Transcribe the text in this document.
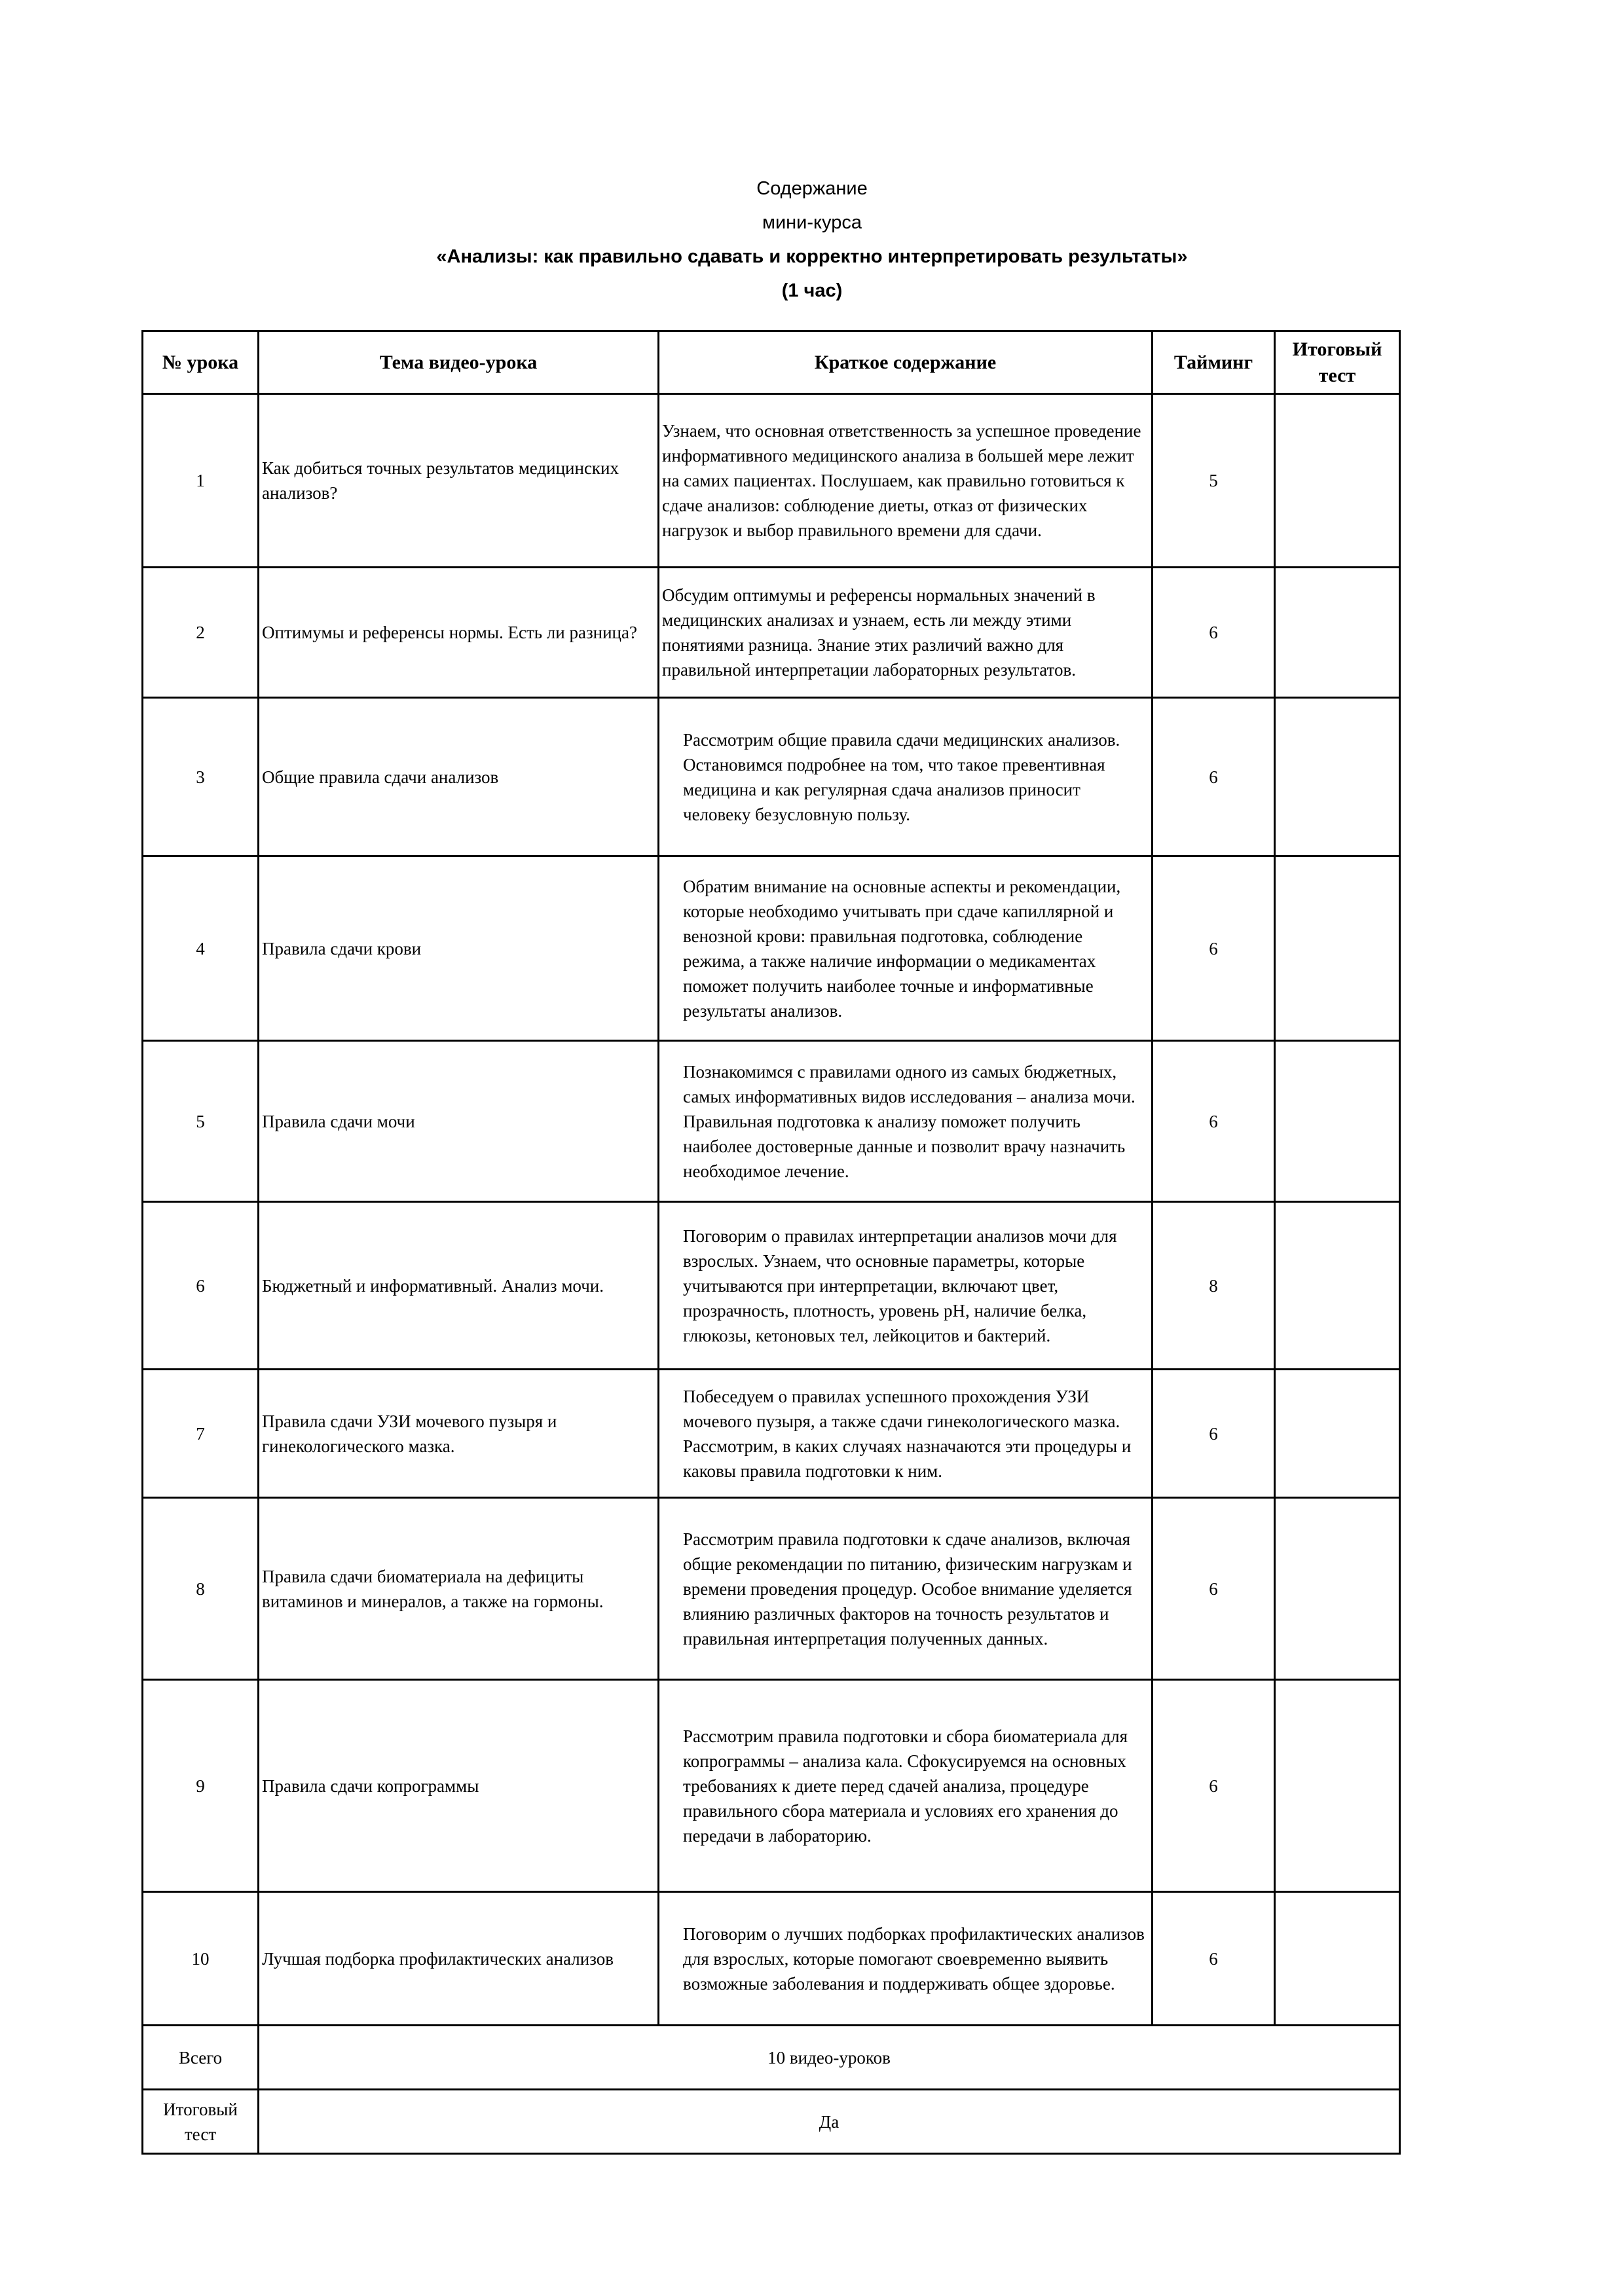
Содержание
мини-курса
«Анализы: как правильно сдавать и корректно интерпретировать результаты»
(1 час)
№ урока	Тема видео-урока	Краткое содержание	Тайминг	Итоговый тест
1	Как добиться точных результатов медицинских анализов?	Узнаем, что основная ответственность за успешное проведение информативного медицинского анализа в большей мере лежит на самих пациентах. Послушаем, как правильно готовиться к сдаче анализов: соблюдение диеты, отказ от физических нагрузок и выбор правильного времени для сдачи.	5	
2	Оптимумы и референсы нормы. Есть ли разница?	Обсудим оптимумы и референсы нормальных значений в медицинских анализах и узнаем, есть ли между этими понятиями разница. Знание этих различий важно для правильной интерпретации лабораторных результатов.	6	
3	Общие правила сдачи анализов	Рассмотрим общие правила сдачи медицинских анализов. Остановимся подробнее на том, что такое превентивная медицина и как регулярная сдача анализов приносит человеку безусловную пользу.	6	
4	Правила сдачи крови	Обратим внимание на основные аспекты и рекомендации, которые необходимо учитывать при сдаче капиллярной и венозной крови: правильная подготовка, соблюдение режима, а также наличие информации о медикаментах поможет получить наиболее точные и информативные результаты анализов.	6	
5	Правила сдачи мочи	Познакомимся с правилами одного из самых бюджетных, самых информативных видов исследования – анализа мочи. Правильная подготовка к анализу поможет получить наиболее достоверные данные и позволит врачу назначить необходимое лечение.	6	
6	Бюджетный и информативный. Анализ мочи.	Поговорим о правилах интерпретации анализов мочи для взрослых. Узнаем, что основные параметры, которые учитываются при интерпретации, включают цвет, прозрачность, плотность, уровень pH, наличие белка, глюкозы, кетоновых тел, лейкоцитов и бактерий.	8	
7	Правила сдачи УЗИ мочевого пузыря и гинекологического мазка.	Побеседуем о правилах успешного прохождения УЗИ мочевого пузыря, а также сдачи гинекологического мазка. Рассмотрим, в каких случаях назначаются эти процедуры и каковы правила подготовки к ним.	6	
8	Правила сдачи биоматериала на дефициты витаминов и минералов, а также на гормоны.	Рассмотрим правила подготовки к сдаче анализов, включая общие рекомендации по питанию, физическим нагрузкам и времени проведения процедур. Особое внимание уделяется влиянию различных факторов на точность результатов и правильная интерпретация полученных данных.	6	
9	Правила сдачи копрограммы	Рассмотрим правила подготовки и сбора биоматериала для копрограммы – анализа кала. Сфокусируемся на основных требованиях к диете перед сдачей анализа, процедуре правильного сбора материала и условиях его хранения до передачи в лабораторию.	6	
10	Лучшая подборка профилактических анализов	Поговорим о лучших подборках профилактических анализов для взрослых, которые помогают своевременно выявить возможные заболевания и поддерживать общее здоровье.	6	
Всего	10 видео-уроков			
Итоговый тест	Да			
